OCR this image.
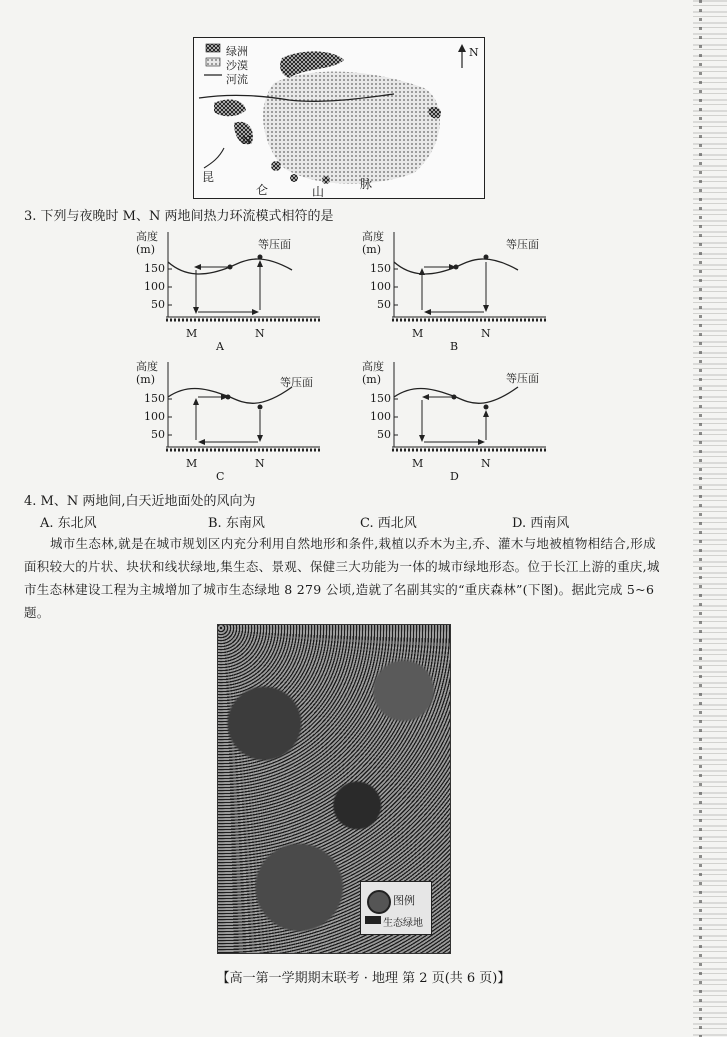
绿洲
沙漠
河流
N
N
昆
仑	山
脉
3. 下列与夜晚时 M、N 两地间热力环流模式相符的是
高度
(m)
150
100
50
等压面
M	N
A
高度
(m)
150
100
50
等压面
M	N
B
高度
(m)
150
100
50
等压面
M	N
C
高度
(m)
150
100
50
等压面
M	N
D
4. M、N 两地间,白天近地面处的风向为
A. 东北风	B. 东南风	C. 西北风	D. 西南风
城市生态林,就是在城市规划区内充分利用自然地形和条件,栽植以乔木为主,乔、灌木与地被植物相结合,形成面积较大的片状、块状和线状绿地,集生态、景观、保健三大功能为一体的城市绿地形态。位于长江上游的重庆,城市生态林建设工程为主城增加了城市生态绿地 8 279 公顷,造就了名副其实的“重庆森林”(下图)。据此完成 5~6 题。
图例
生态绿地
【高一第一学期期末联考 · 地理 第 2 页(共 6 页)】
